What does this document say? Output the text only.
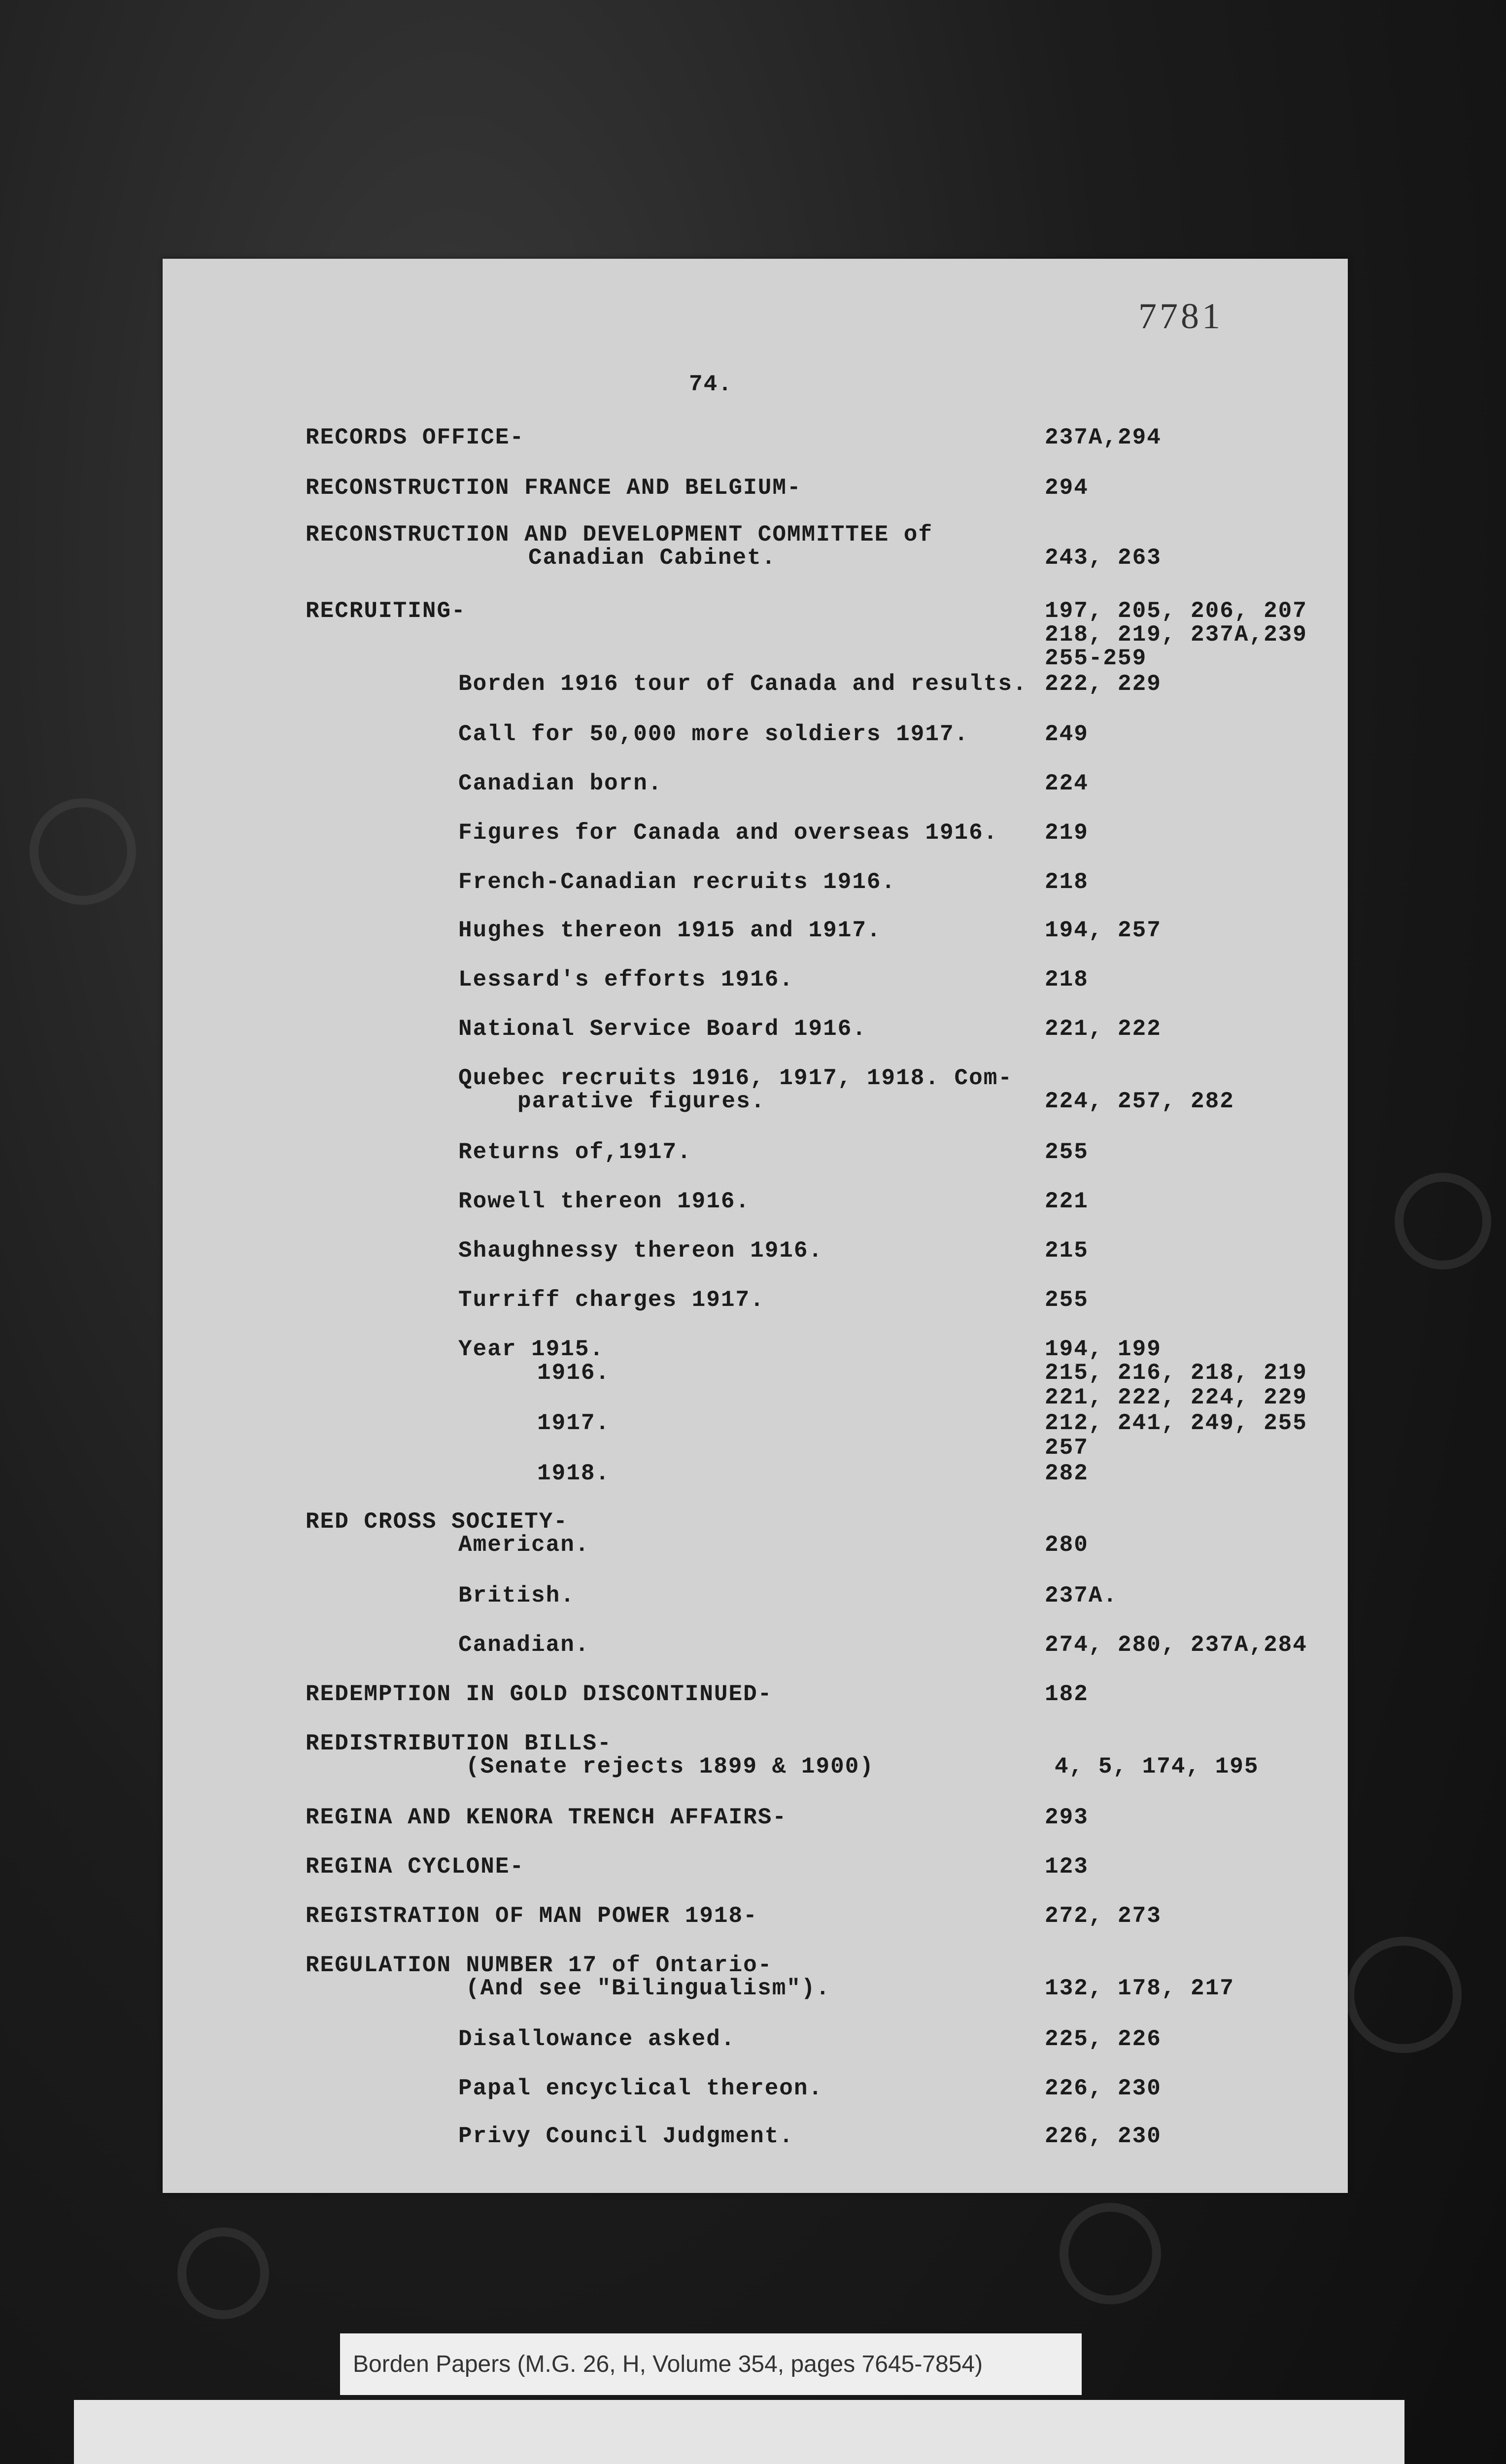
7781
74.
RECORDS OFFICE-
RECONSTRUCTION FRANCE AND BELGIUM-
RECONSTRUCTION AND DEVELOPMENT COMMITTEE of
Canadian Cabinet.
RECRUITING-
Borden 1916 tour of Canada and results.
Call for 50,000 more soldiers 1917.
Canadian born.
Figures for Canada and overseas 1916.
French-Canadian recruits 1916.
Hughes thereon 1915 and 1917.
Lessard's efforts 1916.
National Service Board 1916.
Quebec recruits 1916, 1917, 1918. Com-
parative figures.
Returns of,1917.
Rowell thereon 1916.
Shaughnessy thereon 1916.
Turriff charges 1917.
Year 1915.
1916.
1917.
1918.
RED CROSS SOCIETY-
American.
British.
Canadian.
REDEMPTION IN GOLD DISCONTINUED-
REDISTRIBUTION BILLS-
(Senate rejects 1899 & 1900)
REGINA AND KENORA TRENCH AFFAIRS-
REGINA CYCLONE-
REGISTRATION OF MAN POWER 1918-
REGULATION NUMBER 17 of Ontario-
(And see "Bilingualism").
Disallowance asked.
Papal encyclical thereon.
Privy Council Judgment.
237A,294
294
243, 263
197, 205, 206, 207
218, 219, 237A,239
255-259
222, 229
249
224
219
218
194, 257
218
221, 222
224, 257, 282
255
221
215
255
194, 199
215, 216, 218, 219
221, 222, 224, 229
212, 241, 249, 255
257
282
280
237A.
274, 280, 237A,284
182
4, 5, 174, 195
293
123
272, 273
132, 178, 217
225, 226
226, 230
226, 230
Borden Papers (M.G. 26, H, Volume 354, pages 7645-7854)
